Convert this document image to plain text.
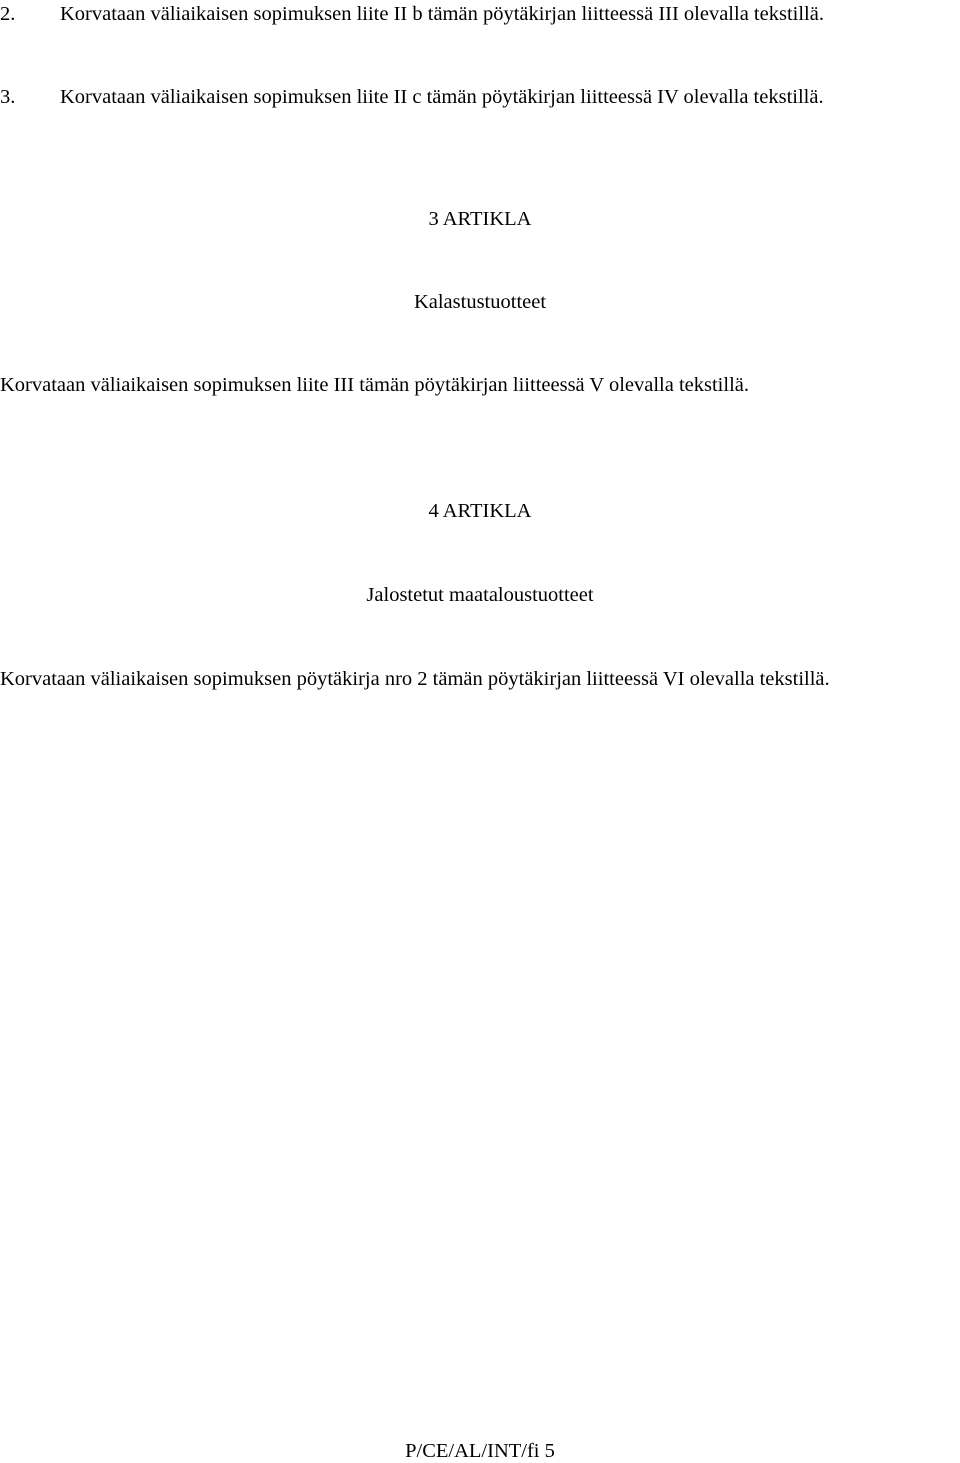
2. Korvataan väliaikaisen sopimuksen liite II b tämän pöytäkirjan liitteessä III olevalla tekstillä.
3. Korvataan väliaikaisen sopimuksen liite II c tämän pöytäkirjan liitteessä IV olevalla tekstillä.
3 ARTIKLA
Kalastustuotteet
Korvataan väliaikaisen sopimuksen liite III tämän pöytäkirjan liitteessä V olevalla tekstillä.
4 ARTIKLA
Jalostetut maataloustuotteet
Korvataan väliaikaisen sopimuksen pöytäkirja nro 2 tämän pöytäkirjan liitteessä VI olevalla tekstillä.
P/CE/AL/INT/fi 5
